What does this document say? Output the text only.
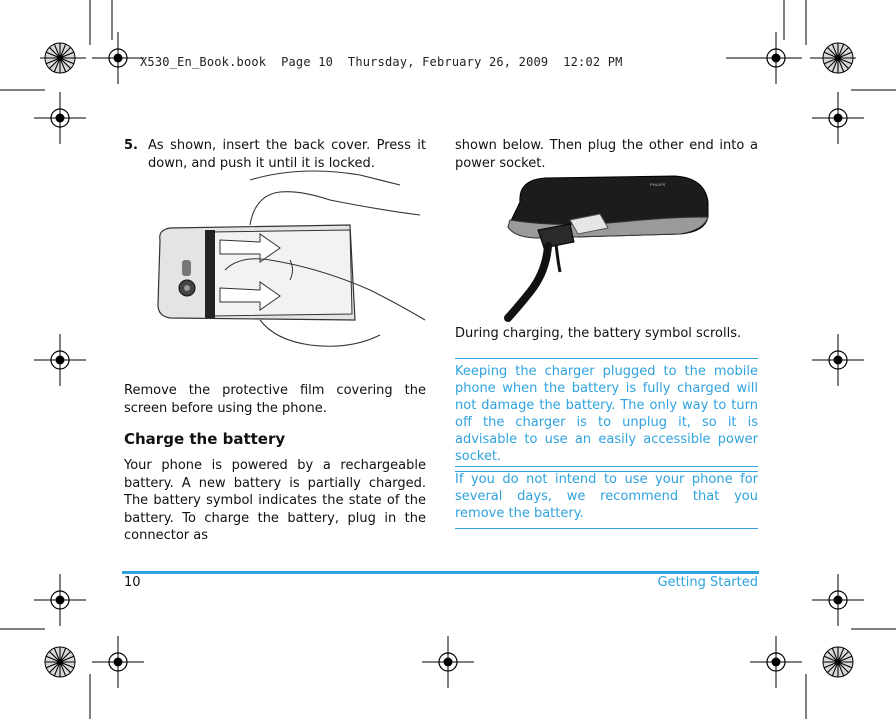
X530_En_Book.book  Page 10  Thursday, February 26, 2009  12:02 PM
5. As shown, insert the back cover. Press it down, and push it until it is locked.
shown below. Then plug the other end into a power socket.
PHILIPS
During charging, the battery symbol scrolls.
Keeping the charger plugged to the mobile phone when the battery is fully charged will not damage the battery. The only way to turn off the charger is to unplug it, so it is advisable to use an easily accessible power socket.
If you do not intend to use your phone for several days, we recommend that you remove the battery.
Remove the protective film covering the screen before using the phone.
Charge the battery
Your phone is powered by a rechargeable battery. A new battery is partially charged. The battery symbol indicates the state of the battery. To charge the battery, plug in the connector as
10	Getting Started
